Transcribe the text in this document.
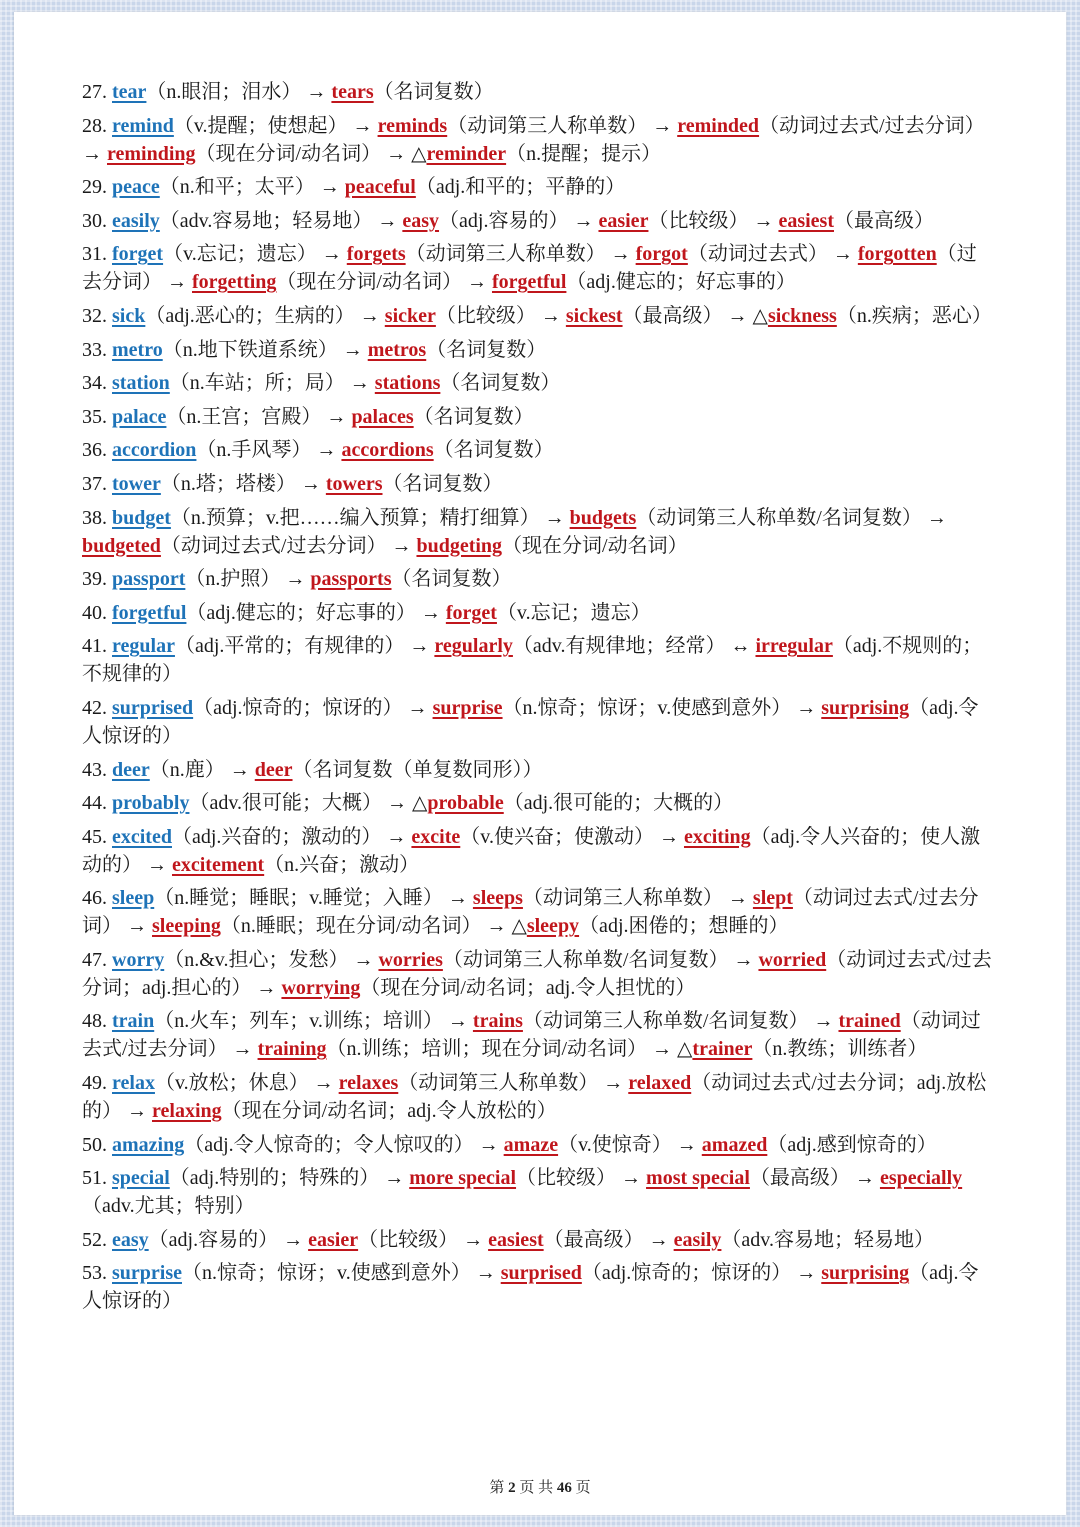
27. tear（n.眼泪；泪水） → tears（名词复数）
28. remind（v.提醒；使想起） → reminds（动词第三人称单数） → reminded（动词过去式/过去分词） → reminding（现在分词/动名词） → △reminder（n.提醒；提示）
29. peace（n.和平；太平） → peaceful（adj.和平的；平静的）
30. easily（adv.容易地；轻易地） → easy（adj.容易的） → easier（比较级） → easiest（最高级）
31. forget（v.忘记；遗忘） → forgets（动词第三人称单数） → forgot（动词过去式） → forgotten（过去分词） → forgetting（现在分词/动名词） → forgetful（adj.健忘的；好忘事的）
32. sick（adj.恶心的；生病的） → sicker（比较级） → sickest（最高级） → △sickness（n.疾病；恶心）
33. metro（n.地下铁道系统） → metros（名词复数）
34. station（n.车站；所；局） → stations（名词复数）
35. palace（n.王宫；宫殿） → palaces（名词复数）
36. accordion（n.手风琴） → accordions（名词复数）
37. tower（n.塔；塔楼） → towers（名词复数）
38. budget（n.预算；v.把……编入预算；精打细算） → budgets（动词第三人称单数/名词复数） → budgeted（动词过去式/过去分词） → budgeting（现在分词/动名词）
39. passport（n.护照） → passports（名词复数）
40. forgetful（adj.健忘的；好忘事的） → forget（v.忘记；遗忘）
41. regular（adj.平常的；有规律的） → regularly（adv.有规律地；经常） ↔ irregular（adj.不规则的；不规律的）
42. surprised（adj.惊奇的；惊讶的） → surprise（n.惊奇；惊讶；v.使感到意外） → surprising（adj.令人惊讶的）
43. deer（n.鹿） → deer（名词复数（单复数同形））
44. probably（adv.很可能；大概） → △probable（adj.很可能的；大概的）
45. excited（adj.兴奋的；激动的） → excite（v.使兴奋；使激动） → exciting（adj.令人兴奋的；使人激动的） → excitement（n.兴奋；激动）
46. sleep（n.睡觉；睡眠；v.睡觉；入睡） → sleeps（动词第三人称单数） → slept（动词过去式/过去分词） → sleeping（n.睡眠；现在分词/动名词） → △sleepy（adj.困倦的；想睡的）
47. worry（n.&v.担心；发愁） → worries（动词第三人称单数/名词复数） → worried（动词过去式/过去分词；adj.担心的） → worrying（现在分词/动名词；adj.令人担忧的）
48. train（n.火车；列车；v.训练；培训） → trains（动词第三人称单数/名词复数） → trained（动词过去式/过去分词） → training（n.训练；培训；现在分词/动名词） → △trainer（n.教练；训练者）
49. relax（v.放松；休息） → relaxes（动词第三人称单数） → relaxed（动词过去式/过去分词；adj.放松的） → relaxing（现在分词/动名词；adj.令人放松的）
50. amazing（adj.令人惊奇的；令人惊叹的） → amaze（v.使惊奇） → amazed（adj.感到惊奇的）
51. special（adj.特别的；特殊的） → more special（比较级） → most special（最高级） → especially（adv.尤其；特别）
52. easy（adj.容易的） → easier（比较级） → easiest（最高级） → easily（adv.容易地；轻易地）
53. surprise（n.惊奇；惊讶；v.使感到意外） → surprised（adj.惊奇的；惊讶的） → surprising（adj.令人惊讶的）
第 2 页 共 46 页
